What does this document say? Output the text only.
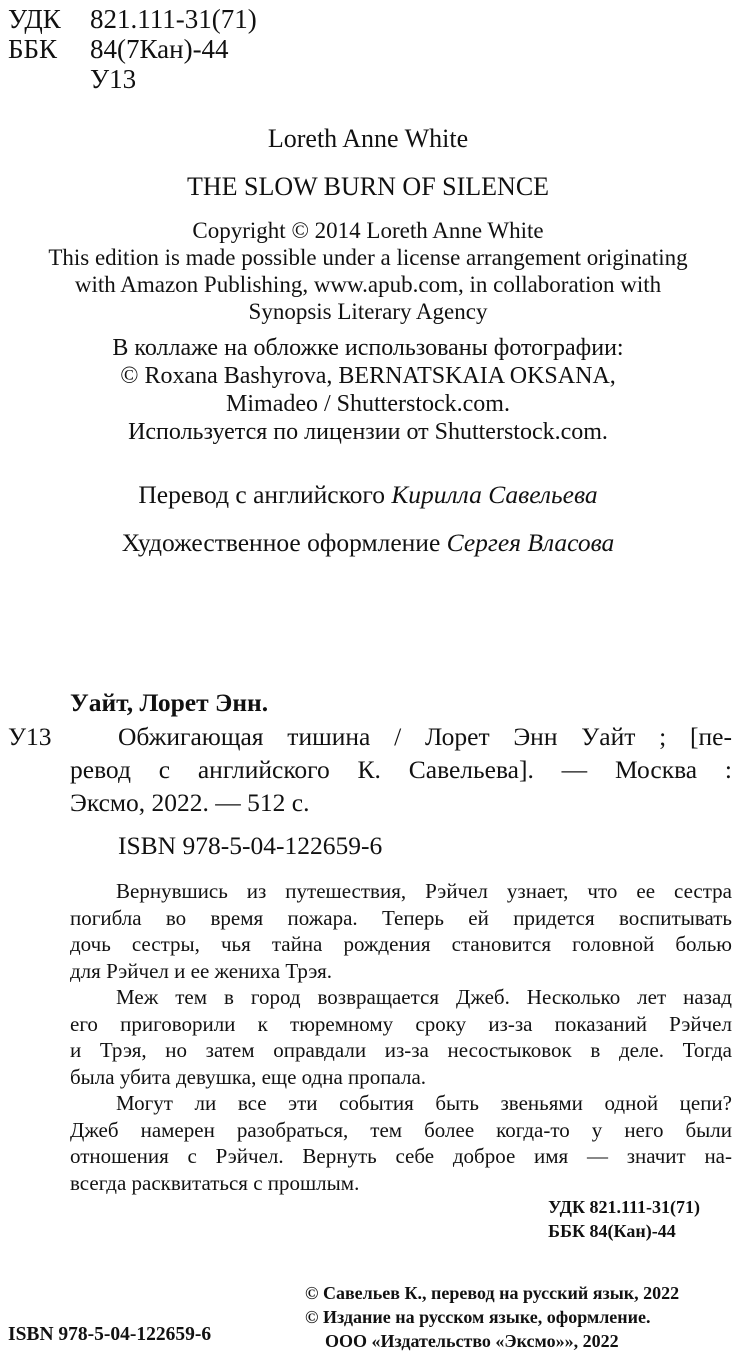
УДК	821.111-31(71)
ББК	84(7Кан)-44
У13
Loreth Anne White
THE SLOW BURN OF SILENCE
Copyright © 2014 Loreth Anne White
This edition is made possible under a license arrangement originating
with Amazon Publishing, www.apub.com, in collaboration with
Synopsis Literary Agency
В коллаже на обложке использованы фотографии:
© Roxana Bashyrova, BERNATSKAIA OKSANA,
Mimadeo / Shutterstock.com.
Используется по лицензии от Shutterstock.com.
Перевод с английского Кирилла Савельева
Художественное оформление Сергея Власова
Уайт, Лорет Энн.
У13	Обжигающая тишина / Лорет Энн Уайт ; [пе-
ревод с английского К. Савельева]. — Москва :
Эксмо, 2022. — 512 с.
ISBN 978-5-04-122659-6
Вернувшись из путешествия, Рэйчел узнает, что ее сестра
погибла во время пожара. Теперь ей придется воспитывать
дочь сестры, чья тайна рождения становится головной болью
для Рэйчел и ее жениха Трэя.
Меж тем в город возвращается Джеб. Несколько лет назад
его приговорили к тюремному сроку из-за показаний Рэйчел
и Трэя, но затем оправдали из-за несостыковок в деле. Тогда
была убита девушка, еще одна пропала.
Могут ли все эти события быть звеньями одной цепи?
Джеб намерен разобраться, тем более когда-то у него были
отношения с Рэйчел. Вернуть себе доброе имя — значит на-
всегда расквитаться с прошлым.
УДК 821.111-31(71)
ББК 84(Кан)-44
© Савельев К., перевод на русский язык, 2022
© Издание на русском языке, оформление.
ООО «Издательство «Эксмо»», 2022
ISBN 978-5-04-122659-6
